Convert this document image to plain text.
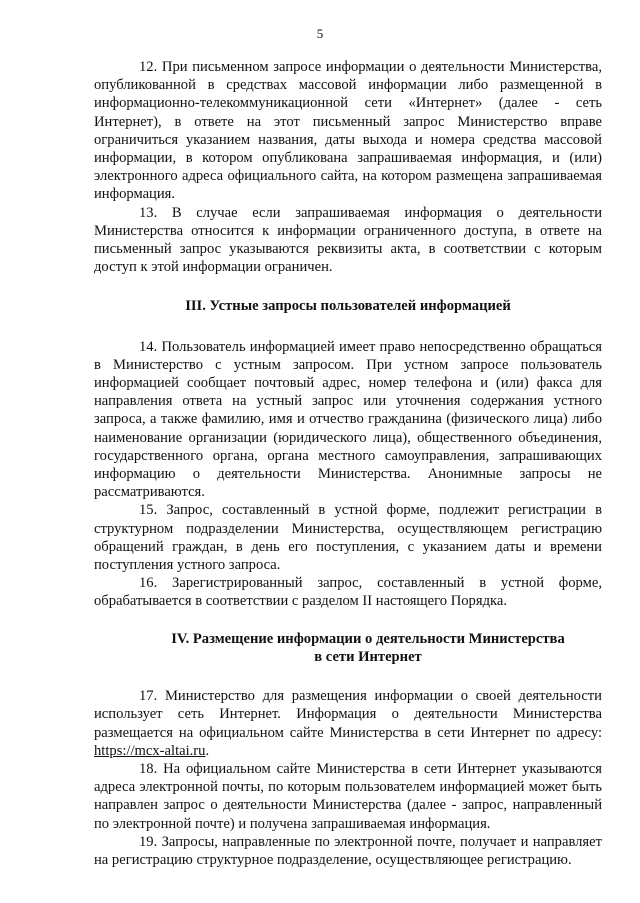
5

12. При письменном запросе информации о деятельности Министерства, опубликованной в средствах массовой информации либо размещенной в информационно-телекоммуникационной сети «Интернет» (далее - сеть Интернет), в ответе на этот письменный запрос Министерство вправе ограничиться указанием названия, даты выхода и номера средства массовой информации, в котором опубликована запрашиваемая информация, и (или) электронного адреса официального сайта, на котором размещена запрашиваемая информация.

13. В случае если запрашиваемая информация о деятельности Министерства относится к информации ограниченного доступа, в ответе на письменный запрос указываются реквизиты акта, в соответствии с которым доступ к этой информации ограничен.

III. Устные запросы пользователей информацией

14. Пользователь информацией имеет право непосредственно обращаться в Министерство с устным запросом. При устном запросе пользователь информацией сообщает почтовый адрес, номер телефона и (или) факса для направления ответа на устный запрос или уточнения содержания устного запроса, а также фамилию, имя и отчество гражданина (физического лица) либо наименование организации (юридического лица), общественного объединения, государственного органа, органа местного самоуправления, запрашивающих информацию о деятельности Министерства. Анонимные запросы не рассматриваются.

15. Запрос, составленный в устной форме, подлежит регистрации в структурном подразделении Министерства, осуществляющем регистрацию обращений граждан, в день его поступления, с указанием даты и времени поступления устного запроса.

16. Зарегистрированный запрос, составленный в устной форме, обрабатывается в соответствии с разделом II настоящего Порядка.

IV. Размещение информации о деятельности Министерства
в сети Интернет

17. Министерство для размещения информации о своей деятельности использует сеть Интернет. Информация о деятельности Министерства размещается на официальном сайте Министерства в сети Интернет по адресу: https://mcx-altai.ru.

18. На официальном сайте Министерства в сети Интернет указываются адреса электронной почты, по которым пользователем информацией может быть направлен запрос о деятельности Министерства (далее - запрос, направленный по электронной почте) и получена запрашиваемая информация.

19. Запросы, направленные по электронной почте, получает и направляет на регистрацию структурное подразделение, осуществляющее регистрацию.
